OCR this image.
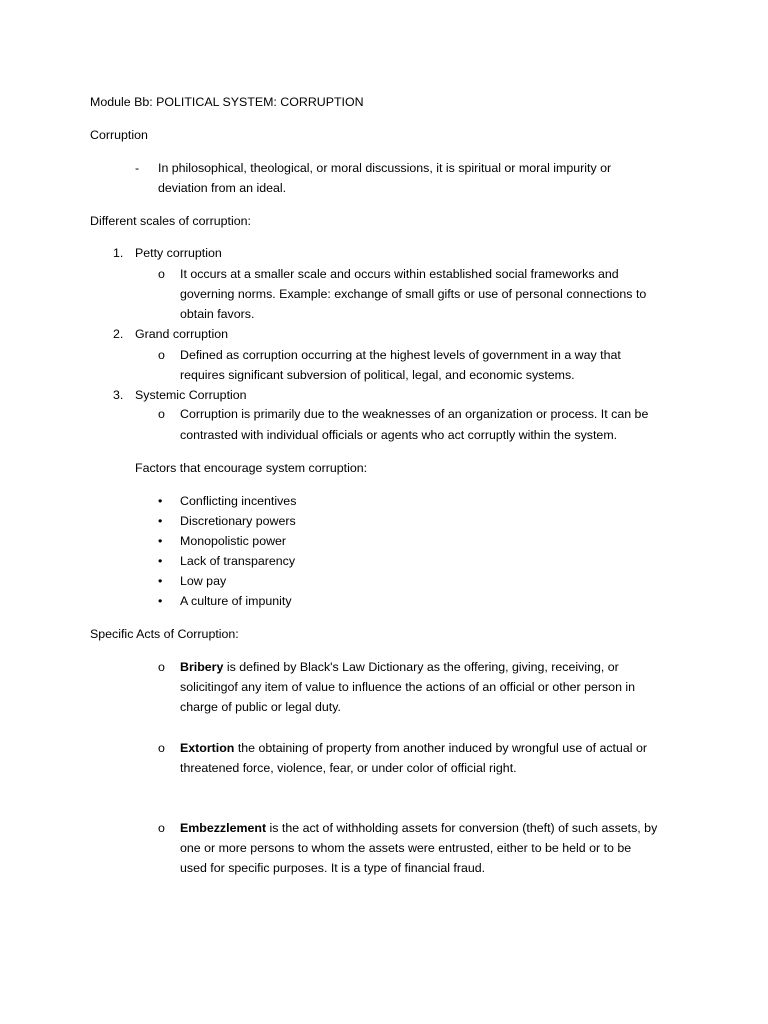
Module Bb: POLITICAL SYSTEM: CORRUPTION
Corruption
- In philosophical, theological, or moral discussions, it is spiritual or moral impurity or
deviation from an ideal.
Different scales of corruption:
1. Petty corruption
o It occurs at a smaller scale and occurs within established social frameworks and
governing norms. Example: exchange of small gifts or use of personal connections to
obtain favors.
2. Grand corruption
o Defined as corruption occurring at the highest levels of government in a way that
requires significant subversion of political, legal, and economic systems.
3. Systemic Corruption
o Corruption is primarily due to the weaknesses of an organization or process. It can be
contrasted with individual officials or agents who act corruptly within the system.
Factors that encourage system corruption:
• Conflicting incentives
• Discretionary powers
• Monopolistic power
• Lack of transparency
• Low pay
• A culture of impunity
Specific Acts of Corruption:
o Bribery is defined by Black's Law Dictionary as the offering, giving, receiving, or
solicitingof any item of value to influence the actions of an official or other person in
charge of public or legal duty.
o Extortion the obtaining of property from another induced by wrongful use of actual or
threatened force, violence, fear, or under color of official right.
o Embezzlement is the act of withholding assets for conversion (theft) of such assets, by
one or more persons to whom the assets were entrusted, either to be held or to be
used for specific purposes. It is a type of financial fraud.
